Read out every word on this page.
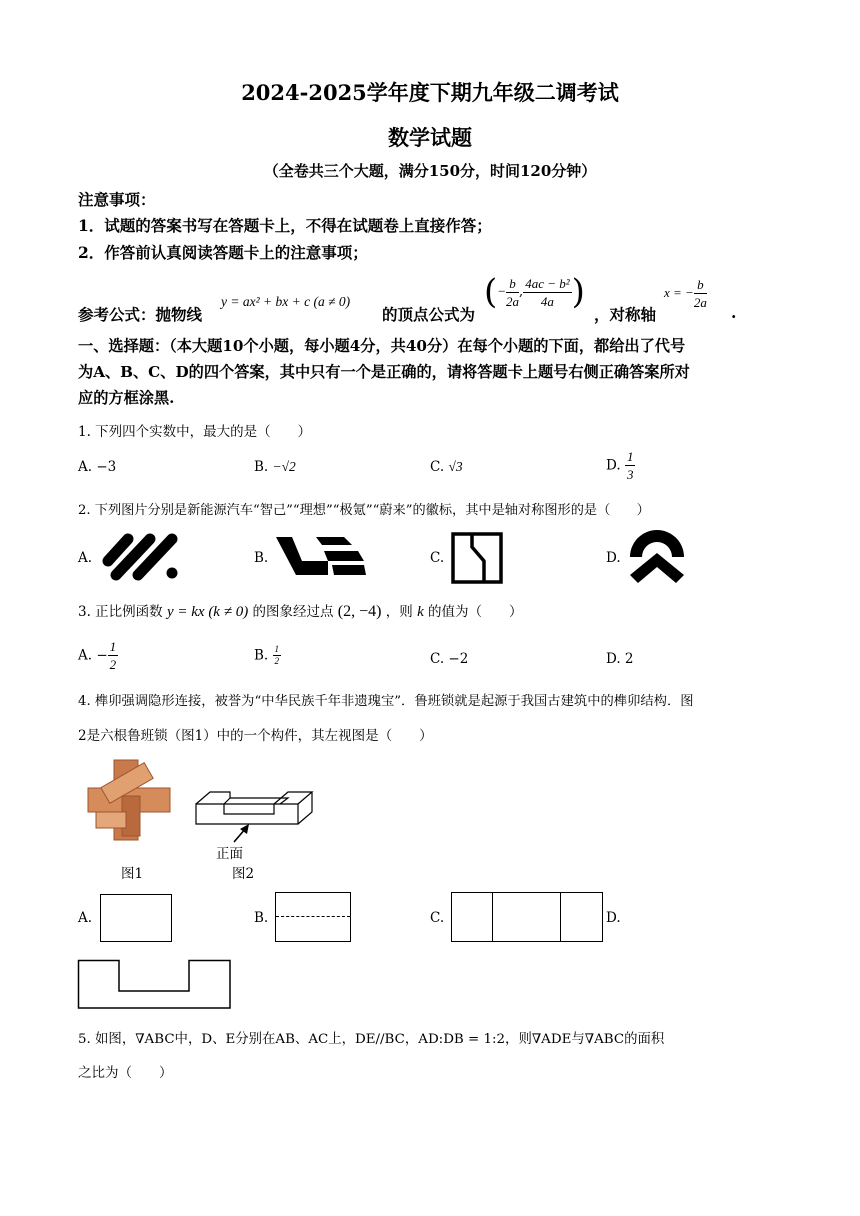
2024-2025学年度下期九年级二调考试
数学试题
（全卷共三个大题，满分150分，时间120分钟）
注意事项：
1．试题的答案书写在答题卡上，不得在试题卷上直接作答；
2．作答前认真阅读答题卡上的注意事项；
参考公式：抛物线
y = ax² + bx + c (a ≠ 0)
的顶点公式为
(− $\frac{b}{2a}$ , $\frac{\text{4ac − b²}}{4a}$ )
，对称轴
x = − $\frac{b}{2a}$
.
一、选择题：（本大题10个小题，每小题4分，共40分）在每个小题的下面，都给出了代号
为A、B、C、D的四个答案，其中只有一个是正确的，请将答题卡上题号右侧正确答案所对
应的方框涂黑.
1. 下列四个实数中，最大的是（　　）
A. −3	B. −√2	C. √3	D. $\frac{1}{3}$
2. 下列图片分别是新能源汽车“智己”“理想”“极氪”“蔚来”的徽标，其中是轴对称图形的是（　　）
A.	B.	C.	D.
3. 正比例函数 y = kx (k ≠ 0) 的图象经过点 (2, −4) ，则 k 的值为（　　）
A. − $\frac{1}{2}$	B. $\frac{1}{2}$	C. −2	D. 2
4. 榫卯强调隐形连接，被誉为“中华民族千年非遗瑰宝”．鲁班锁就是起源于我国古建筑中的榫卯结构．图
2是六根鲁班锁（图1）中的一个构件，其左视图是（　　）
图1
正面
图2
A.	B.	C.	D.
5. 如图，∇ABC中，D、E分别在AB、AC上，DE//BC，AD:DB = 1:2，则∇ADE与∇ABC的面积
之比为（　　）
